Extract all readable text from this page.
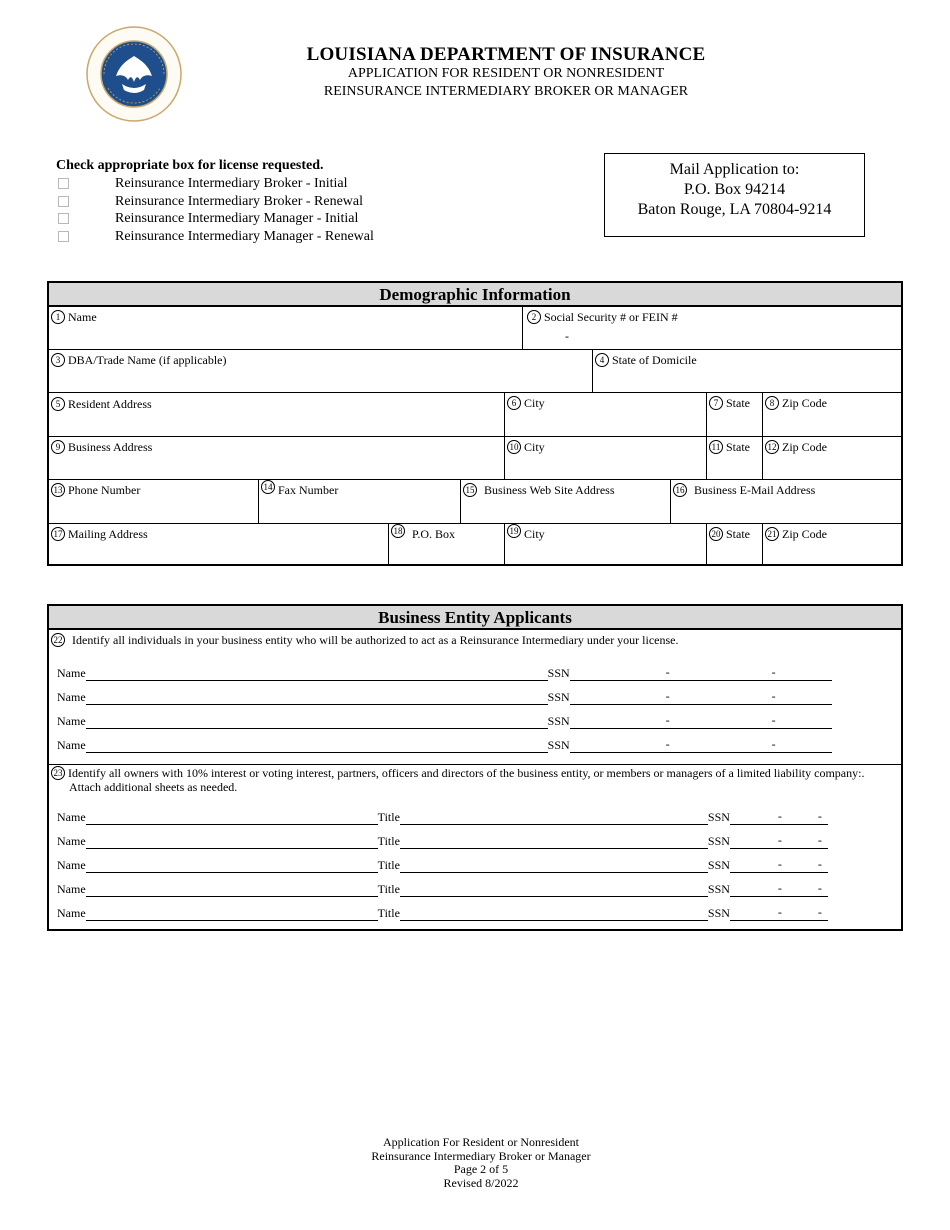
LOUISIANA DEPARTMENT OF INSURANCE
APPLICATION FOR RESIDENT OR NONRESIDENT
REINSURANCE INTERMEDIARY BROKER OR MANAGER
Check appropriate box for license requested.
Reinsurance Intermediary Broker - Initial
Reinsurance Intermediary Broker - Renewal
Reinsurance Intermediary Manager - Initial
Reinsurance Intermediary Manager - Renewal
Mail Application to:
P.O. Box 94214
Baton Rouge, LA 70804-9214
Demographic Information
1 Name	2 Social Security # or FEIN #
-
3 DBA/Trade Name (if applicable)	4 State of Domicile
5 Resident Address	6 City	7 State	8 Zip Code
9 Business Address	10 City	11 State 12 Zip Code
13 Phone Number	14 Fax Number	15 Business Web Site Address	16 Business E-Mail Address
17 Mailing Address	18 P.O. Box	19 City	20 State 21 Zip Code
Business Entity Applicants
22 Identify all individuals in your business entity who will be authorized to act as a Reinsurance Intermediary under your license.
Name	SSN	-	-
Name	SSN	-	-
Name	SSN	-	-
Name	SSN	-	-
23 Identify all owners with 10% interest or voting interest, partners, officers and directors of the business entity, or members or managers of a limited liability company:.
Attach additional sheets as needed.
Name	Title	SSN	-	-
Name	Title	SSN	-	-
Name	Title	SSN	-	-
Name	Title	SSN	-	-
Name	Title	SSN	-	-
Application For Resident or Nonresident
Reinsurance Intermediary Broker or Manager
Page 2 of 5
Revised 8/2022
